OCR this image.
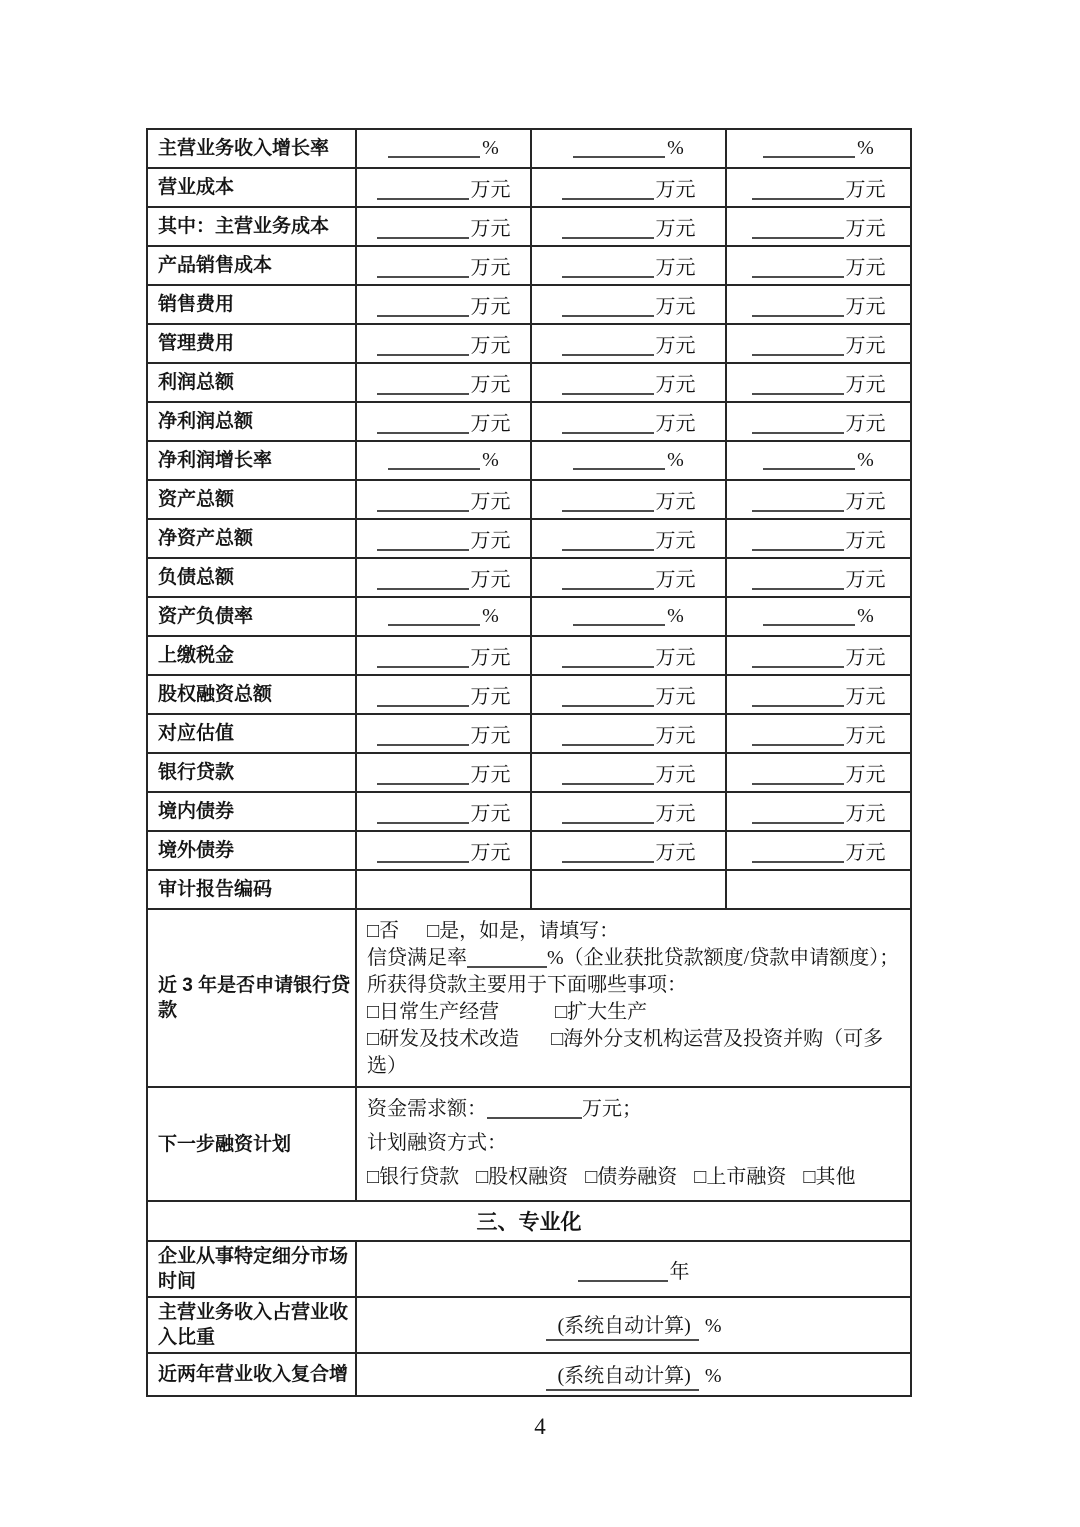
主营业务收入增长率	%	%	%
营业成本	万元	万元	万元
其中：主营业务成本	万元	万元	万元
产品销售成本	万元	万元	万元
销售费用	万元	万元	万元
管理费用	万元	万元	万元
利润总额	万元	万元	万元
净利润总额	万元	万元	万元
净利润增长率	%	%	%
资产总额	万元	万元	万元
净资产总额	万元	万元	万元
负债总额	万元	万元	万元
资产负债率	%	%	%
上缴税金	万元	万元	万元
股权融资总额	万元	万元	万元
对应估值	万元	万元	万元
银行贷款	万元	万元	万元
境内债券	万元	万元	万元
境外债券	万元	万元	万元
审计报告编码			
近 3 年是否申请银行贷款	□否 □是，如是，请填写：
信贷满足率 %（企业获批贷款额度/贷款申请额度）；
所获得贷款主要用于下面哪些事项：
□日常生产经营 □扩大生产
□研发及技术改造 □海外分支机构运营及投资并购（可多选）		

下一步融资计划	资金需求额： 万元；
计划融资方式：
□银行贷款 □股权融资 □债券融资 □上市融资 □其他		

三、专业化			
企业从事特定细分市场时间	年		
主营业务收入占营业收入比重	(系统自动计算) %		
近两年营业收入复合增	(系统自动计算) %		
4
